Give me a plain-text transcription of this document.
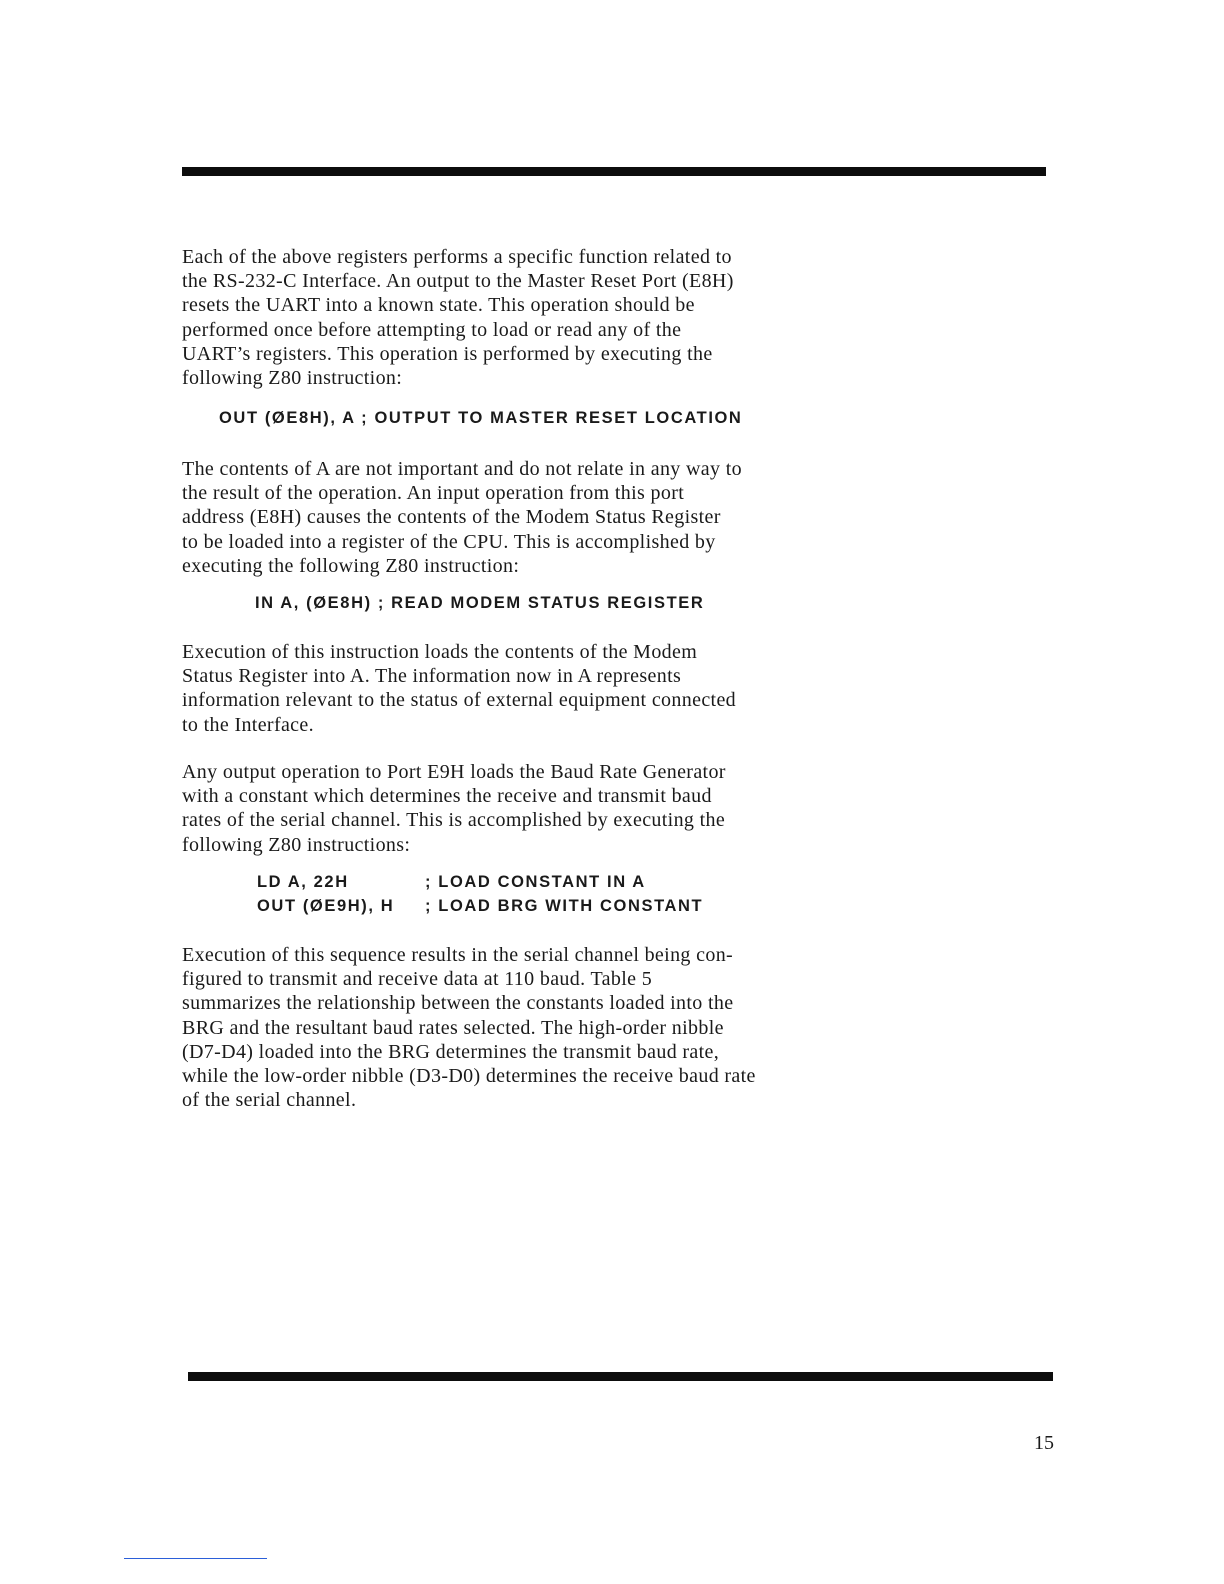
Each of the above registers performs a specific function related to
the RS-232-C Interface. An output to the Master Reset Port (E8H)
resets the UART into a known state. This operation should be
performed once before attempting to load or read any of the
UART’s registers. This operation is performed by executing the
following Z80 instruction:
OUT (ØE8H), A ; OUTPUT TO MASTER RESET LOCATION
The contents of A are not important and do not relate in any way to
the result of the operation. An input operation from this port
address (E8H) causes the contents of the Modem Status Register
to be loaded into a register of the CPU. This is accomplished by
executing the following Z80 instruction:
IN A, (ØE8H) ; READ MODEM STATUS REGISTER
Execution of this instruction loads the contents of the Modem
Status Register into A. The information now in A represents
information relevant to the status of external equipment connected
to the Interface.
Any output operation to Port E9H loads the Baud Rate Generator
with a constant which determines the receive and transmit baud
rates of the serial channel. This is accomplished by executing the
following Z80 instructions:
LD A, 22H	; LOAD CONSTANT IN A
OUT (ØE9H), H ; LOAD BRG WITH CONSTANT
Execution of this sequence results in the serial channel being con-
figured to transmit and receive data at 110 baud. Table 5
summarizes the relationship between the constants loaded into the
BRG and the resultant baud rates selected. The high-order nibble
(D7-D4) loaded into the BRG determines the transmit baud rate,
while the low-order nibble (D3-D0) determines the receive baud rate
of the serial channel.
15
